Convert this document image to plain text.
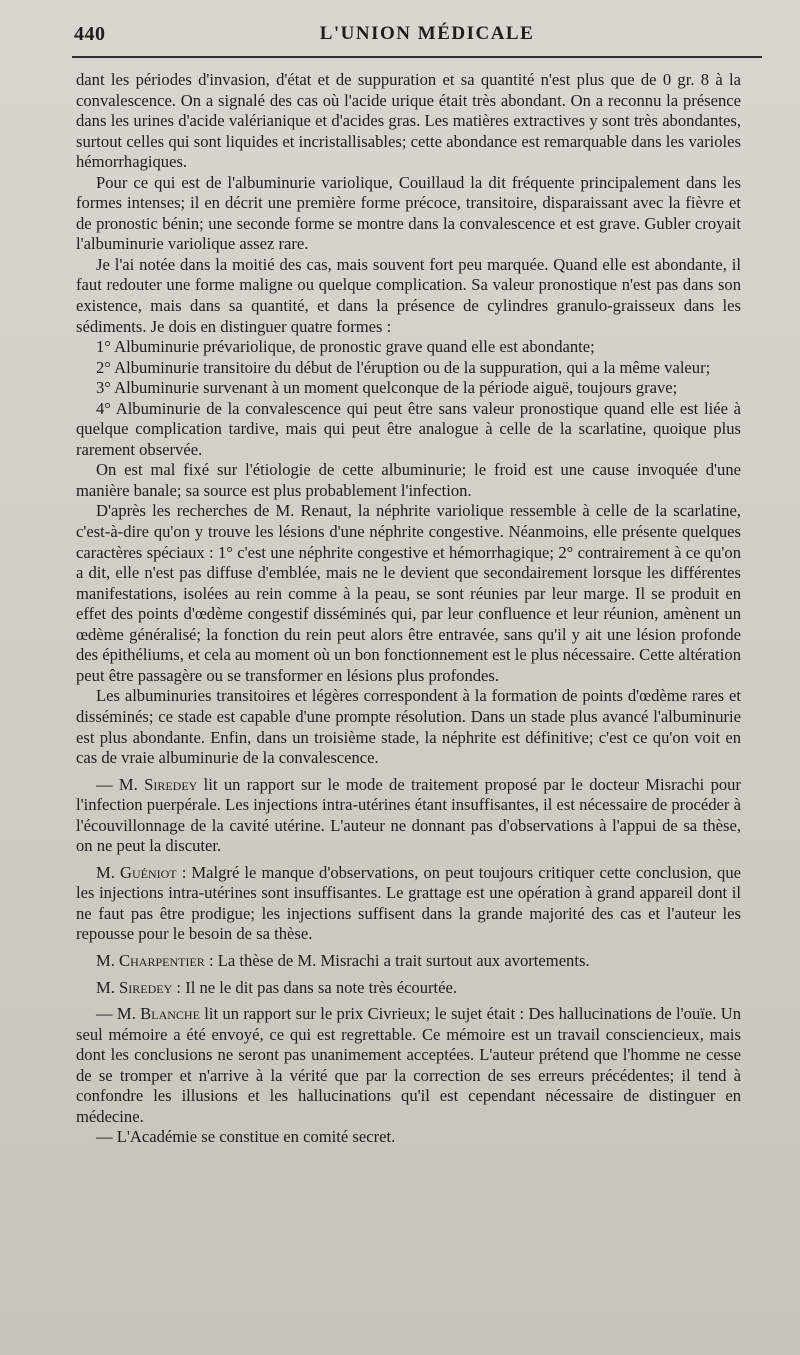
440	L'UNION MÉDICALE

dant les périodes d'invasion, d'état et de suppuration et sa quantité n'est plus que de 0 gr. 8 à la convalescence. On a signalé des cas où l'acide urique était très abondant. On a reconnu la présence dans les urines d'acide valérianique et d'acides gras. Les matières extractives y sont très abondantes, surtout celles qui sont liquides et incristallisables; cette abondance est remarquable dans les varioles hémorrhagiques.

Pour ce qui est de l'albuminurie variolique, Couillaud la dit fréquente principalement dans les formes intenses; il en décrit une première forme précoce, transitoire, disparaissant avec la fièvre et de pronostic bénin; une seconde forme se montre dans la convalescence et est grave. Gubler croyait l'albuminurie variolique assez rare.

Je l'ai notée dans la moitié des cas, mais souvent fort peu marquée. Quand elle est abondante, il faut redouter une forme maligne ou quelque complication. Sa valeur pronostique n'est pas dans son existence, mais dans sa quantité, et dans la présence de cylindres granulo-graisseux dans les sédiments. Je dois en distinguer quatre formes :

1° Albuminurie prévariolique, de pronostic grave quand elle est abondante;

2° Albuminurie transitoire du début de l'éruption ou de la suppuration, qui a la même valeur;

3° Albuminurie survenant à un moment quelconque de la période aiguë, toujours grave;

4° Albuminurie de la convalescence qui peut être sans valeur pronostique quand elle est liée à quelque complication tardive, mais qui peut être analogue à celle de la scarlatine, quoique plus rarement observée.

On est mal fixé sur l'étiologie de cette albuminurie; le froid est une cause invoquée d'une manière banale; sa source est plus probablement l'infection.

D'après les recherches de M. Renaut, la néphrite variolique ressemble à celle de la scarlatine, c'est-à-dire qu'on y trouve les lésions d'une néphrite congestive. Néanmoins, elle présente quelques caractères spéciaux : 1° c'est une néphrite congestive et hémorrhagique; 2° contrairement à ce qu'on a dit, elle n'est pas diffuse d'emblée, mais ne le devient que secondairement lorsque les différentes manifestations, isolées au rein comme à la peau, se sont réunies par leur marge. Il se produit en effet des points d'œdème congestif disséminés qui, par leur confluence et leur réunion, amènent un œdème généralisé; la fonction du rein peut alors être entravée, sans qu'il y ait une lésion profonde des épithéliums, et cela au moment où un bon fonctionnement est le plus nécessaire. Cette altération peut être passagère ou se transformer en lésions plus profondes.

Les albuminuries transitoires et légères correspondent à la formation de points d'œdème rares et disséminés; ce stade est capable d'une prompte résolution. Dans un stade plus avancé l'albuminurie est plus abondante. Enfin, dans un troisième stade, la néphrite est définitive; c'est ce qu'on voit en cas de vraie albuminurie de la convalescence.

— M. Siredey lit un rapport sur le mode de traitement proposé par le docteur Misrachi pour l'infection puerpérale. Les injections intra-utérines étant insuffisantes, il est nécessaire de procéder à l'écouvillonnage de la cavité utérine. L'auteur ne donnant pas d'observations à l'appui de sa thèse, on ne peut la discuter.

M. Guéniot : Malgré le manque d'observations, on peut toujours critiquer cette conclusion, que les injections intra-utérines sont insuffisantes. Le grattage est une opération à grand appareil dont il ne faut pas être prodigue; les injections suffisent dans la grande majorité des cas et l'auteur les repousse pour le besoin de sa thèse.

M. Charpentier : La thèse de M. Misrachi a trait surtout aux avortements.

M. Siredey : Il ne le dit pas dans sa note très écourtée.

— M. Blanche lit un rapport sur le prix Civrieux; le sujet était : Des hallucinations de l'ouïe. Un seul mémoire a été envoyé, ce qui est regrettable. Ce mémoire est un travail consciencieux, mais dont les conclusions ne seront pas unanimement acceptées. L'auteur prétend que l'homme ne cesse de se tromper et n'arrive à la vérité que par la correction de ses erreurs précédentes; il tend à confondre les illusions et les hallucinations qu'il est cependant nécessaire de distinguer en médecine.

— L'Académie se constitue en comité secret.
